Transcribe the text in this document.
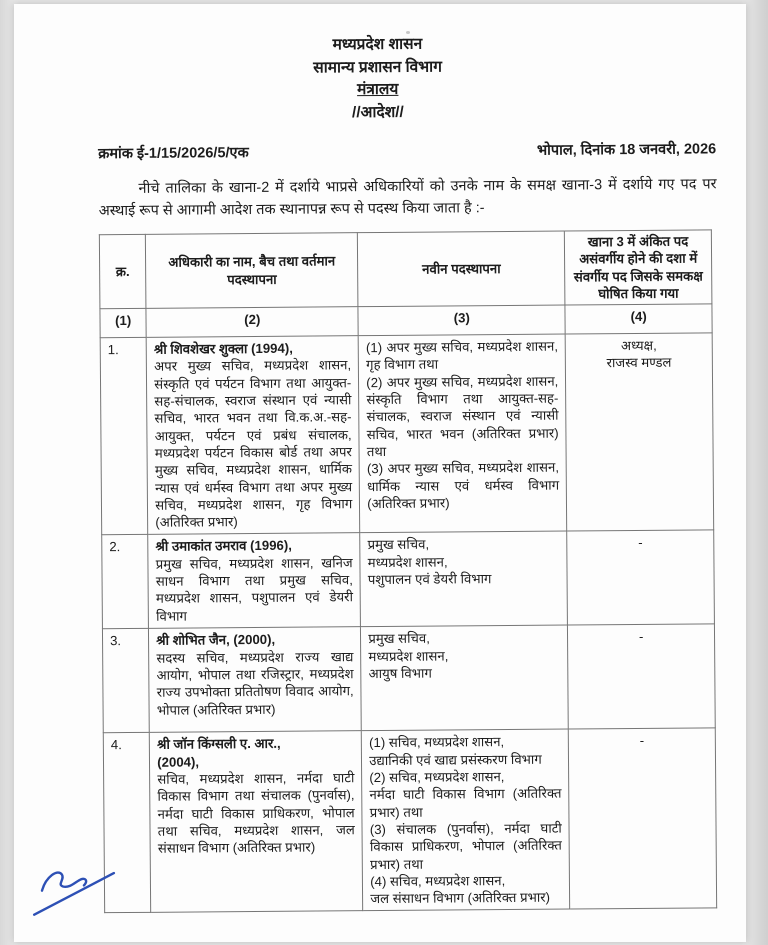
मध्यप्रदेश शासन
सामान्य प्रशासन विभाग
मंत्रालय
//आदेश//
क्रमांक ई-1/15/2026/5/एक	भोपाल, दिनांक 18 जनवरी, 2026

नीचे तालिका के खाना-2 में दर्शाये भाप्रसे अधिकारियों को उनके नाम के समक्ष खाना-3 में दर्शाये गए पद पर अस्थाई रूप से आगामी आदेश तक स्थानापन्न रूप से पदस्थ किया जाता है :-

क्र.	अधिकारी का नाम, बैच तथा वर्तमान पदस्थापना	नवीन पदस्थापना	खाना 3 में अंकित पद असंवर्गीय होने की दशा में संवर्गीय पद जिसके समकक्ष घोषित किया गया
(1)	(2)	(3)	(4)
1.	श्री शिवशेखर शुक्ला (1994),
अपर मुख्य सचिव, मध्यप्रदेश शासन, संस्कृति एवं पर्यटन विभाग तथा आयुक्त-सह-संचालक, स्वराज संस्थान एवं न्यासी सचिव, भारत भवन तथा वि.क.अ.-सह-आयुक्त, पर्यटन एवं प्रबंध संचालक, मध्यप्रदेश पर्यटन विकास बोर्ड तथा अपर मुख्य सचिव, मध्यप्रदेश शासन, धार्मिक न्यास एवं धर्मस्व विभाग तथा अपर मुख्य सचिव, मध्यप्रदेश शासन, गृह विभाग (अतिरिक्त प्रभार)
	(1) अपर मुख्य सचिव, मध्यप्रदेश शासन, गृह विभाग तथा
(2) अपर मुख्य सचिव, मध्यप्रदेश शासन, संस्कृति विभाग तथा आयुक्त-सह-संचालक, स्वराज संस्थान एवं न्यासी सचिव, भारत भवन (अतिरिक्त प्रभार) तथा
(3) अपर मुख्य सचिव, मध्यप्रदेश शासन, धार्मिक न्यास एवं धर्मस्व विभाग (अतिरिक्त प्रभार)	अध्यक्ष,
राजस्व मण्डल
2.	श्री उमाकांत उमराव (1996),
प्रमुख सचिव, मध्यप्रदेश शासन, खनिज साधन विभाग तथा प्रमुख सचिव, मध्यप्रदेश शासन, पशुपालन एवं डेयरी विभाग
	प्रमुख सचिव,
मध्यप्रदेश शासन,
पशुपालन एवं डेयरी विभाग	-
3.	श्री शोभित जैन, (2000),
सदस्य सचिव, मध्यप्रदेश राज्य खाद्य आयोग, भोपाल तथा रजिस्ट्रार, मध्यप्रदेश राज्य उपभोक्ता प्रतितोषण विवाद आयोग, भोपाल (अतिरिक्त प्रभार)
	प्रमुख सचिव,
मध्यप्रदेश शासन,
आयुष विभाग	-
4.	श्री जॉन किंग्सली ए. आर.,
(2004),
सचिव, मध्यप्रदेश शासन, नर्मदा घाटी विकास विभाग तथा संचालक (पुनर्वास), नर्मदा घाटी विकास प्राधिकरण, भोपाल तथा सचिव, मध्यप्रदेश शासन, जल संसाधन विभाग (अतिरिक्त प्रभार)
	(1) सचिव, मध्यप्रदेश शासन,
उद्यानिकी एवं खाद्य प्रसंस्करण विभाग
(2) सचिव, मध्यप्रदेश शासन,
नर्मदा घाटी विकास विभाग (अतिरिक्त प्रभार) तथा
(3) संचालक (पुनर्वास), नर्मदा घाटी विकास प्राधिकरण, भोपाल (अतिरिक्त प्रभार) तथा
(4) सचिव, मध्यप्रदेश शासन,
जल संसाधन विभाग (अतिरिक्त प्रभार)	-
